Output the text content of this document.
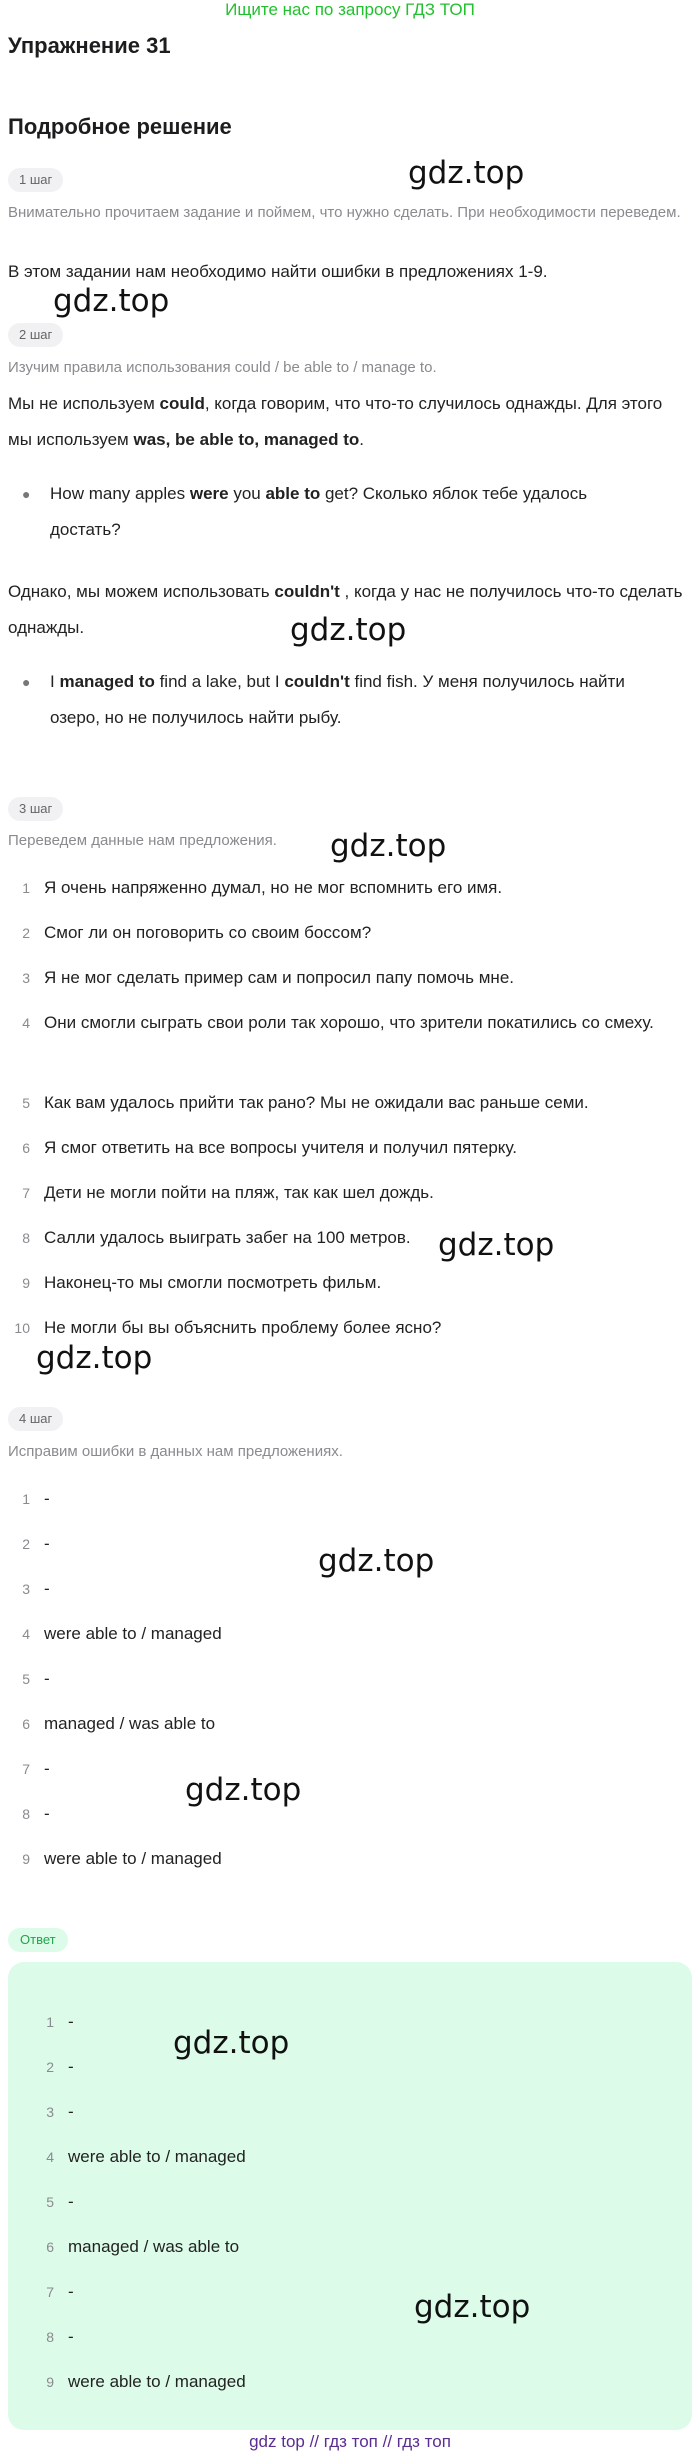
Ищите нас по запросу ГДЗ ТОП
Упражнение 31
Подробное решение
1 шаг
Внимательно прочитаем задание и поймем, что нужно сделать. При необходимости переведем.
В этом задании нам необходимо найти ошибки в предложениях 1-9.
2 шаг
Изучим правила использования could / be able to / manage to.
Мы не используем could, когда говорим, что что-то случилось однажды. Для этого мы используем was, be able to, managed to.
● How many apples were you able to get? Сколько яблок тебе удалось достать?
Однако, мы можем использовать couldn't , когда у нас не получилось что-то сделать однажды.
● I managed to find a lake, but I couldn't find fish. У меня получилось найти озеро, но не получилось найти рыбу.
3 шаг
Переведем данные нам предложения.
1 Я очень напряженно думал, но не мог вспомнить его имя.
2 Смог ли он поговорить со своим боссом?
3 Я не мог сделать пример сам и попросил папу помочь мне.
4 Они смогли сыграть свои роли так хорошо, что зрители покатились со смеху.
5 Как вам удалось прийти так рано? Мы не ожидали вас раньше семи.
6 Я смог ответить на все вопросы учителя и получил пятерку.
7 Дети не могли пойти на пляж, так как шел дождь.
8 Салли удалось выиграть забег на 100 метров.
9 Наконец-то мы смогли посмотреть фильм.
10 Не могли бы вы объяснить проблему более ясно?
4 шаг
Исправим ошибки в данных нам предложениях.
1 -
2 -
3 -
4 were able to / managed
5 -
6 managed / was able to
7 -
8 -
9 were able to / managed
Ответ
1 -
2 -
3 -
4 were able to / managed
5 -
6 managed / was able to
7 -
8 -
9 were able to / managed
gdz.top
gdz.top
gdz.top
gdz.top
gdz.top
gdz.top
gdz.top
gdz.top
gdz.top
gdz.top
gdz top // гдз топ // гдз топ
